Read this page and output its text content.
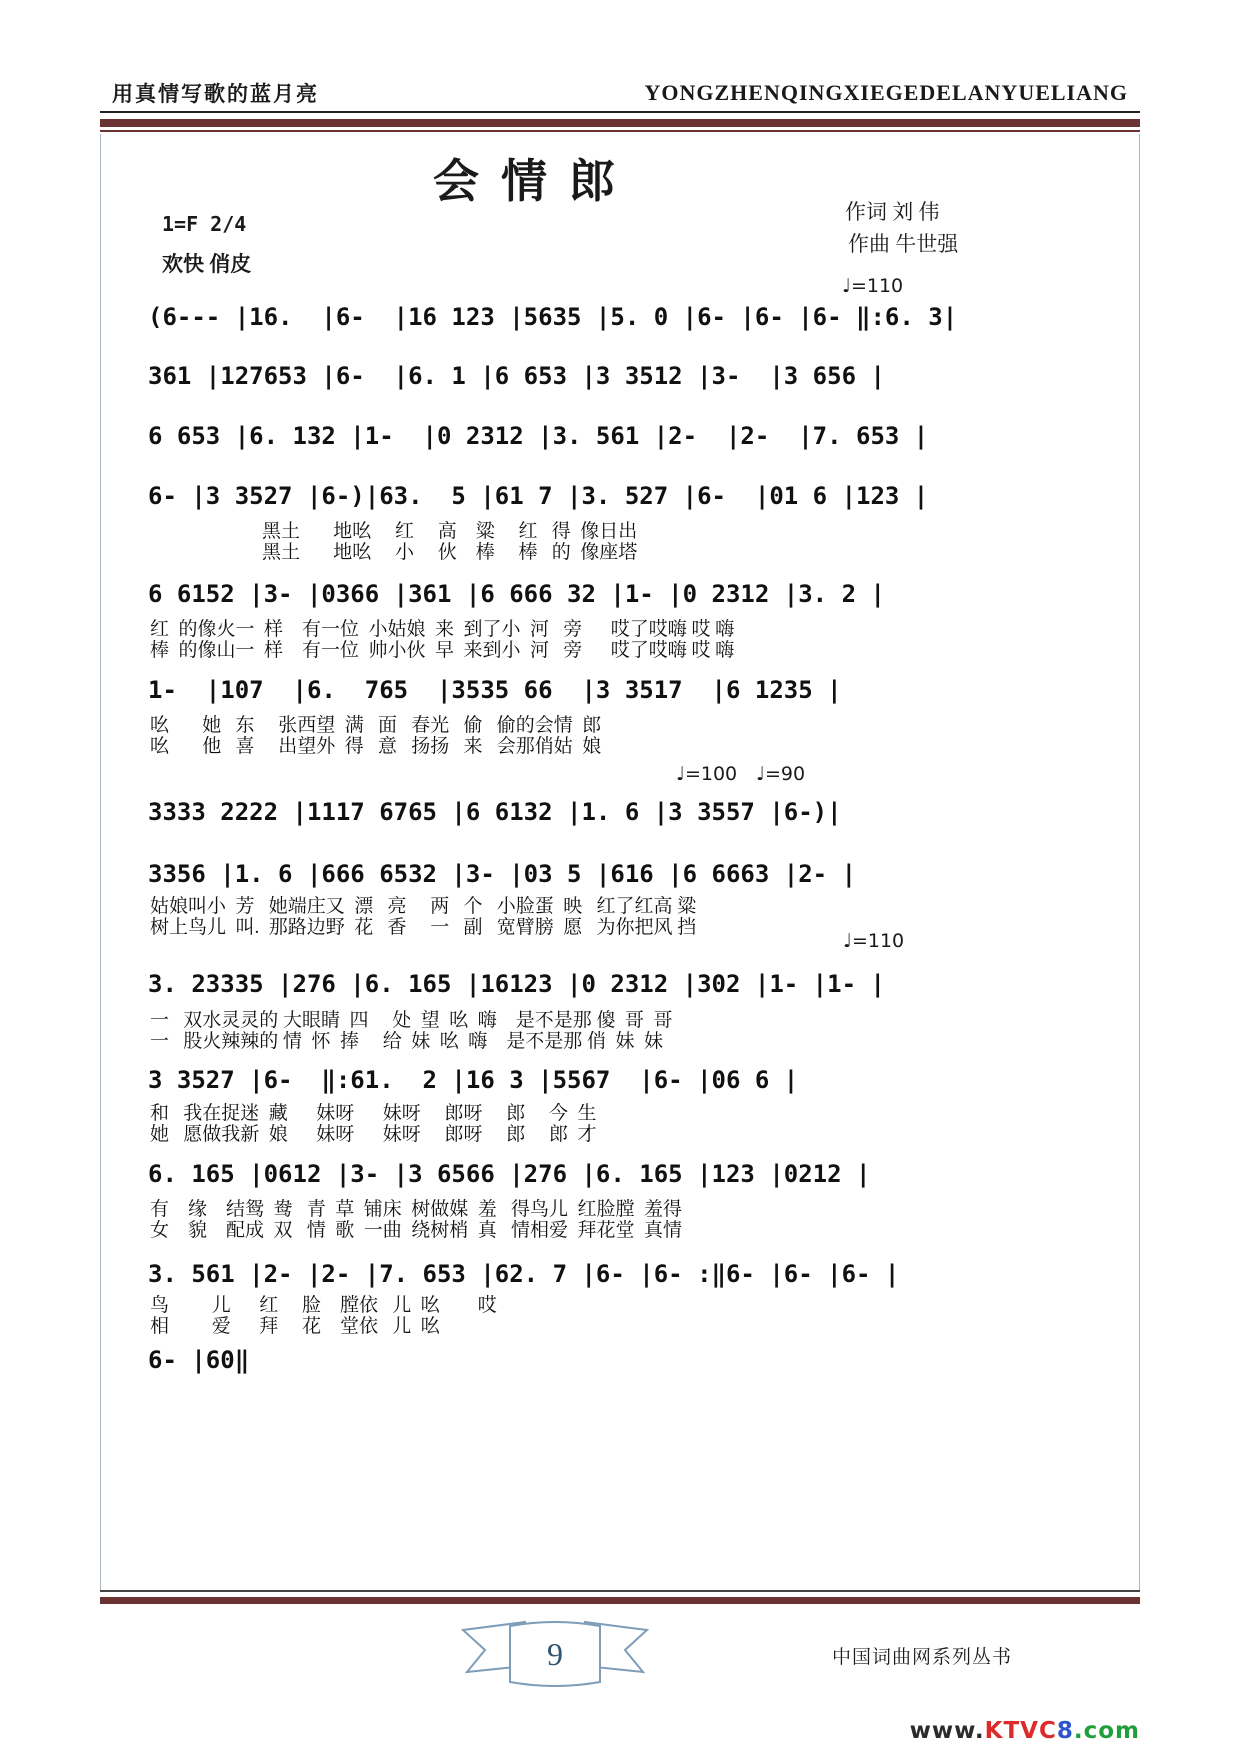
用真情写歌的蓝月亮	YONGZHENQINGXIEGEDELANYUELIANG
会情郎
作词 刘 伟
作曲 牛世强
1=F 2/4
欢快 俏皮
♩=110
♩=100 ♩=90
♩=110
(6--- |16.  |6-  |16 123 |5635 |5. 0 |6- |6- |6- ‖:6. 3|
361 |127653 |6-  |6. 1 |6 653 |3 3512 |3-  |3 656 |
6 653 |6. 132 |1-  |0 2312 |3. 561 |2-  |2-  |7. 653 |
6- |3 3527 |6-)|63.  5 |61 7 |3. 527 |6-  |01 6 |123 |
黑土       地吆     红     高    粱     红   得  像日出
黑土       地吆     小     伙    棒     棒   的  像座塔
6 6152 |3- |0366 |361 |6 666 32 |1- |0 2312 |3. 2 |
红  的像火一  样    有一位  小姑娘  来  到了小  河   旁      哎了哎嗨 哎 嗨
棒  的像山一  样    有一位  帅小伙  早  来到小  河   旁      哎了哎嗨 哎 嗨
1-  |107  |6.  765  |3535 66  |3 3517  |6 1235 |
吆       她   东     张西望  满   面   春光   偷   偷的会情  郎
吆       他   喜     出望外  得   意   扬扬   来   会那俏姑  娘
3333 2222 |1117 6765 |6 6132 |1. 6 |3 3557 |6-)|
3356 |1. 6 |666 6532 |3- |03 5 |616 |6 6663 |2- |
姑娘叫小  芳   她端庄又  漂   亮     两   个   小脸蛋  映   红了红高 粱
树上鸟儿  叫.  那路边野  花   香     一   副   宽臂膀  愿   为你把风 挡
3. 23335 |276 |6. 165 |16123 |0 2312 |302 |1- |1- |
一   双水灵灵的 大眼睛  四     处  望  吆  嗨    是不是那 傻  哥  哥
一   股火辣辣的 情  怀  捧     给  妹  吆  嗨    是不是那 俏  妹  妹
3 3527 |6-  ‖:61.  2 |16 3 |5567  |6- |06 6 |
和   我在捉迷  藏      妹呀      妹呀     郎呀     郎     今  生
她   愿做我新  娘      妹呀      妹呀     郎呀     郎     郎  才
6. 165 |0612 |3- |3 6566 |276 |6. 165 |123 |0212 |
有    缘    结鸳  鸯   青  草  铺床  树做媒  羞   得鸟儿  红脸膛  羞得
女    貌    配成  双   情  歌  一曲  绕树梢  真   情相爱  拜花堂  真情
3. 561 |2- |2- |7. 653 |62. 7 |6- |6- :‖6- |6- |6- |
鸟         儿      红     脸    膛依   儿  吆        哎
相         爱      拜     花    堂依   儿  吆
6- |60‖
9	中国词曲网系列丛书
www.KTVC8.com
